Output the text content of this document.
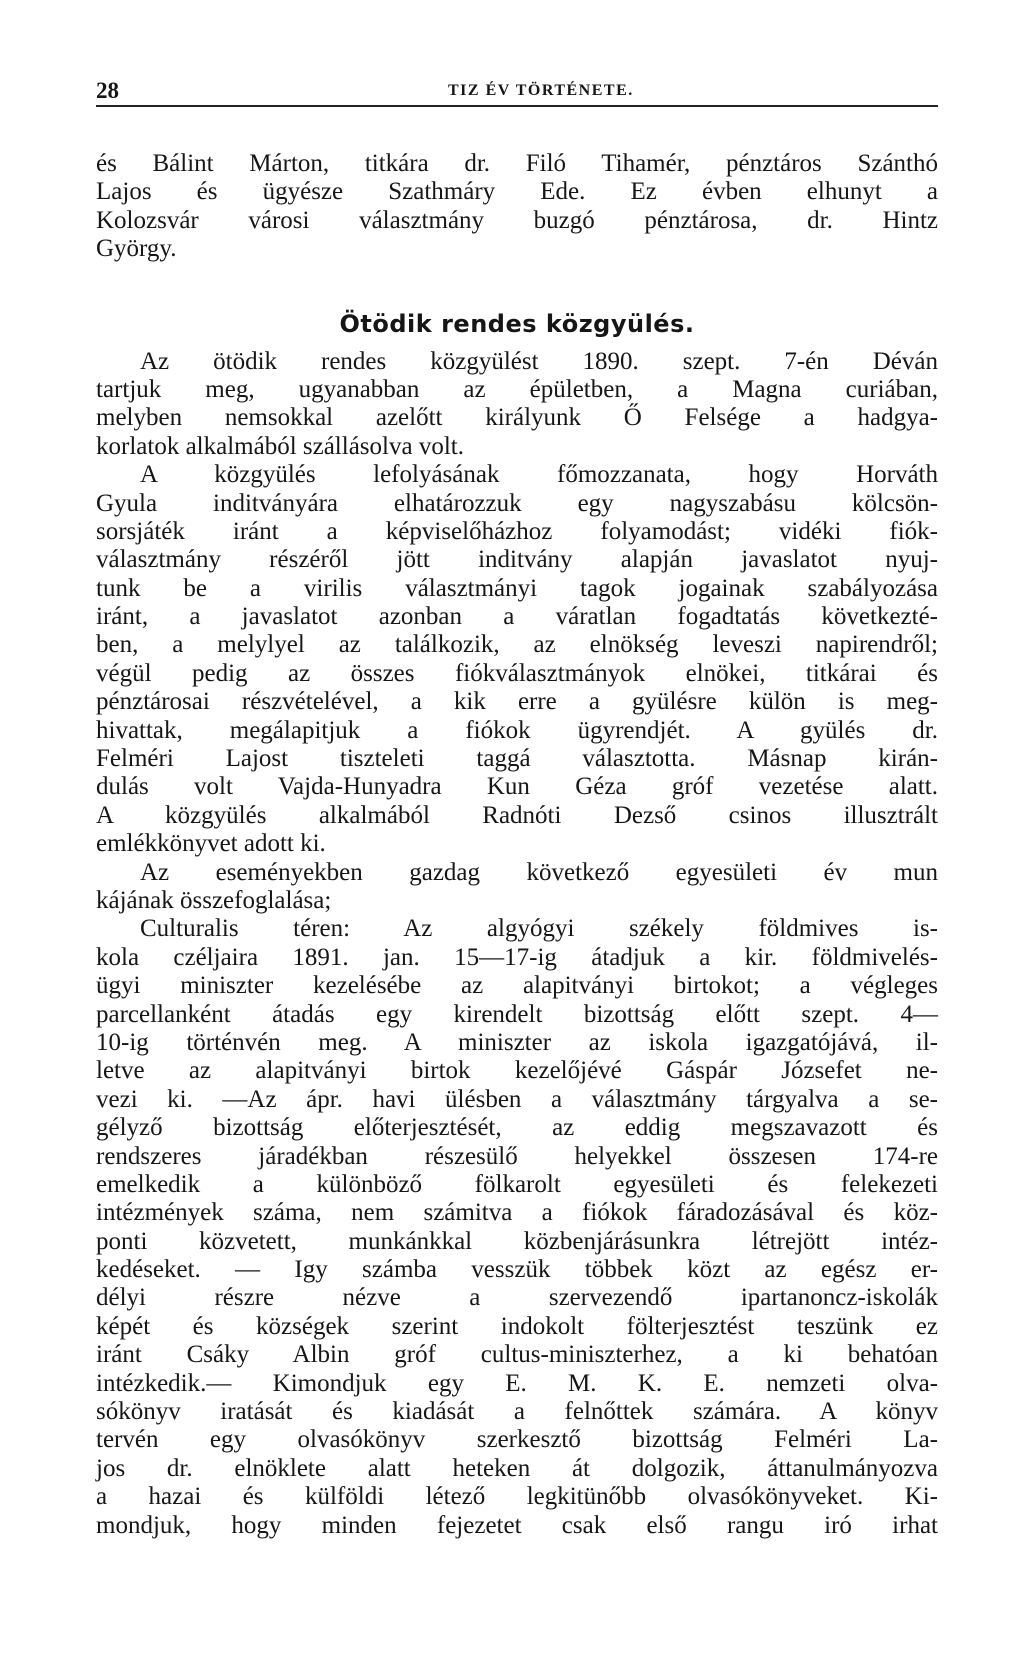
28	TIZ ÉV TÖRTÉNETE.
és Bálint Márton, titkára dr. Filó Tihamér, pénztáros Szánthó
Lajos és ügyésze Szathmáry Ede. Ez évben elhunyt a
Kolozsvár városi választmány buzgó pénztárosa, dr. Hintz
György.
Ötödik rendes közgyülés.
Az ötödik rendes közgyülést 1890. szept. 7-én Déván
tartjuk meg, ugyanabban az épületben, a Magna curiában,
melyben nemsokkal azelőtt királyunk Ő Felsége a hadgya-
korlatok alkalmából szállásolva volt.
A közgyülés lefolyásának főmozzanata, hogy Horváth
Gyula inditványára elhatározzuk egy nagyszabásu kölcsön-
sorsjáték iránt a képviselőházhoz folyamodást; vidéki fiók-
választmány részéről jött inditvány alapján javaslatot nyuj-
tunk be a virilis választmányi tagok jogainak szabályozása
iránt, a javaslatot azonban a váratlan fogadtatás következté-
ben, a melylyel az találkozik, az elnökség leveszi napirendről;
végül pedig az összes fiókválasztmányok elnökei, titkárai és
pénztárosai részvételével, a kik erre a gyülésre külön is meg-
hivattak, megálapitjuk a fiókok ügyrendjét. A gyülés dr.
Felméri Lajost tiszteleti taggá választotta. Másnap kirán-
dulás volt Vajda-Hunyadra Kun Géza gróf vezetése alatt.
A közgyülés alkalmából Radnóti Dezső csinos illusztrált
emlékkönyvet adott ki.
Az eseményekben gazdag következő egyesületi év mun
kájának összefoglalása;
Culturalis téren: Az algyógyi székely földmives is-
kola czéljaira 1891. jan. 15—17-ig átadjuk a kir. földmivelés-
ügyi miniszter kezelésébe az alapitványi birtokot; a végleges
parcellanként átadás egy kirendelt bizottság előtt szept. 4—
10-ig történvén meg. A miniszter az iskola igazgatójává, il-
letve az alapitványi birtok kezelőjévé Gáspár Józsefet ne-
vezi ki. —Az ápr. havi ülésben a választmány tárgyalva a se-
gélyző bizottság előterjesztését, az eddig megszavazott és
rendszeres járadékban részesülő helyekkel összesen 174-re
emelkedik a különböző fölkarolt egyesületi és felekezeti
intézmények száma, nem számitva a fiókok fáradozásával és köz-
ponti közvetett, munkánkkal közbenjárásunkra létrejött intéz-
kedéseket. — Igy számba vesszük többek közt az egész er-
délyi részre nézve a szervezendő ipartanoncz-iskolák
képét és községek szerint indokolt fölterjesztést teszünk ez
iránt Csáky Albin gróf cultus-miniszterhez, a ki behatóan
intézkedik.— Kimondjuk egy E. M. K. E. nemzeti olva-
sókönyv iratását és kiadását a felnőttek számára. A könyv
tervén egy olvasókönyv szerkesztő bizottság Felméri La-
jos dr. elnöklete alatt heteken át dolgozik, áttanulmányozva
a hazai és külföldi létező legkitünőbb olvasókönyveket. Ki-
mondjuk, hogy minden fejezetet csak első rangu iró irhat
